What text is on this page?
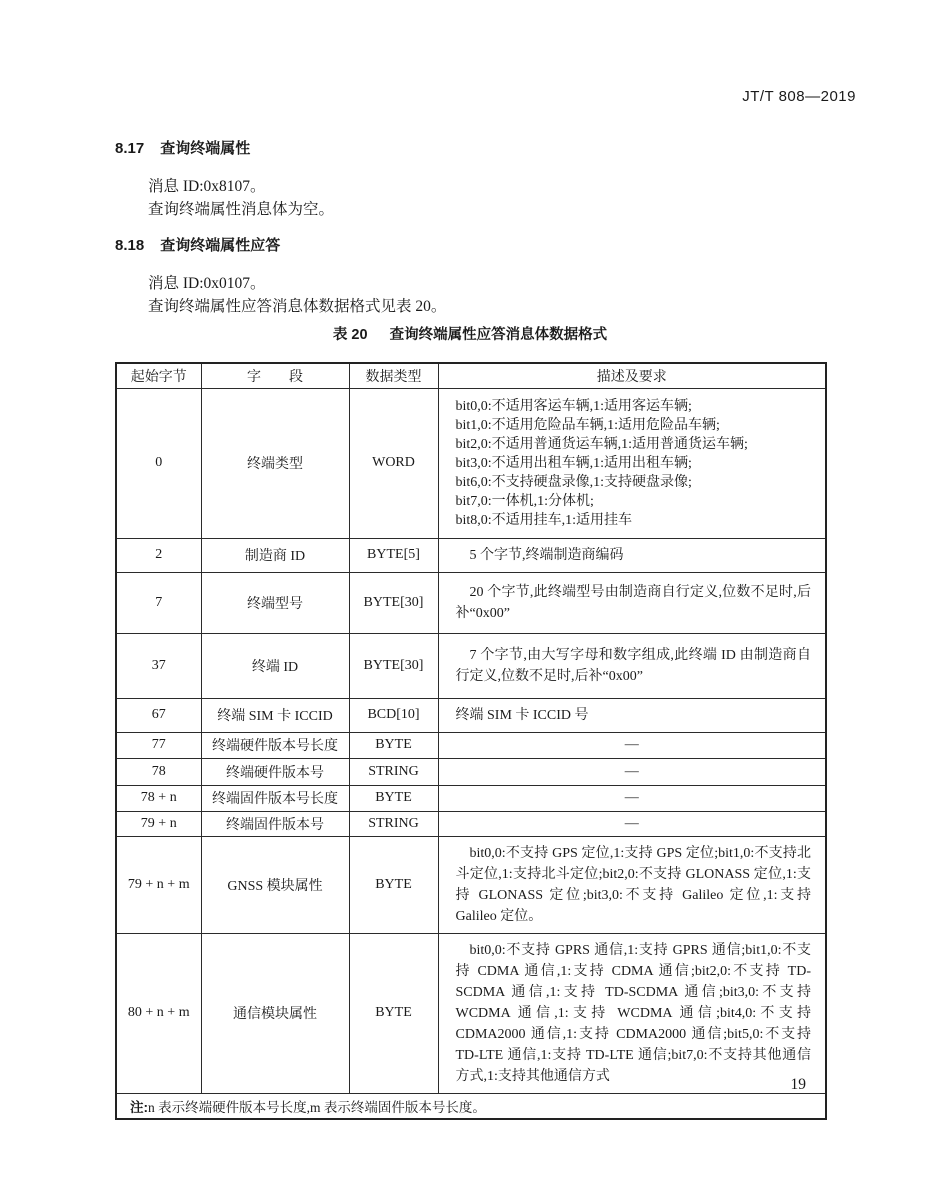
JT/T 808—2019
8.17 查询终端属性

消息 ID:0x8107。

查询终端属性消息体为空。

8.18 查询终端属性应答

消息 ID:0x0107。

查询终端属性应答消息体数据格式见表 20。

表 20 查询终端属性应答消息体数据格式
起始字节	字　　段	数据类型	描述及要求
0	终端类型	WORD	
bit0,0:不适用客运车辆,1:适用客运车辆;
bit1,0:不适用危险品车辆,1:适用危险品车辆;
bit2,0:不适用普通货运车辆,1:适用普通货运车辆;
bit3,0:不适用出租车辆,1:适用出租车辆;
bit6,0:不支持硬盘录像,1:支持硬盘录像;
bit7,0:一体机,1:分体机;
bit8,0:不适用挂车,1:适用挂车

2	制造商 ID	BYTE[5]	5 个字节,终端制造商编码

7	终端型号	BYTE[30]	20 个字节,此终端型号由制造商自行定义,位数不足时,后补“0x00”

37	终端 ID	BYTE[30]	7 个字节,由大写字母和数字组成,此终端 ID 由制造商自行定义,位数不足时,后补“0x00”

67	终端 SIM 卡 ICCID	BCD[10]	终端 SIM 卡 ICCID 号

77	终端硬件版本号长度	BYTE	—
78	终端硬件版本号	STRING	—
78 + n	终端固件版本号长度	BYTE	—
79 + n	终端固件版本号	STRING	—
79 + n + m	GNSS 模块属性	BYTE	bit0,0:不支持 GPS 定位,1:支持 GPS 定位;bit1,0:不支持北斗定位,1:支持北斗定位;bit2,0:不支持 GLONASS 定位,1:支持 GLONASS 定位;bit3,0:不支持 Galileo 定位,1:支持 Galileo 定位。

80 + n + m	通信模块属性	BYTE	bit0,0:不支持 GPRS 通信,1:支持 GPRS 通信;bit1,0:不支持 CDMA 通信,1:支持 CDMA 通信;bit2,0:不支持 TD-SCDMA 通信,1:支持 TD-SCDMA 通信;bit3,0:不支持 WCDMA 通信,1:支持 WCDMA 通信;bit4,0:不支持 CDMA2000 通信,1:支持 CDMA2000 通信;bit5,0:不支持 TD-LTE 通信,1:支持 TD-LTE 通信;bit7,0:不支持其他通信方式,1:支持其他通信方式

注:n 表示终端硬件版本号长度,m 表示终端固件版本号长度。			
19
